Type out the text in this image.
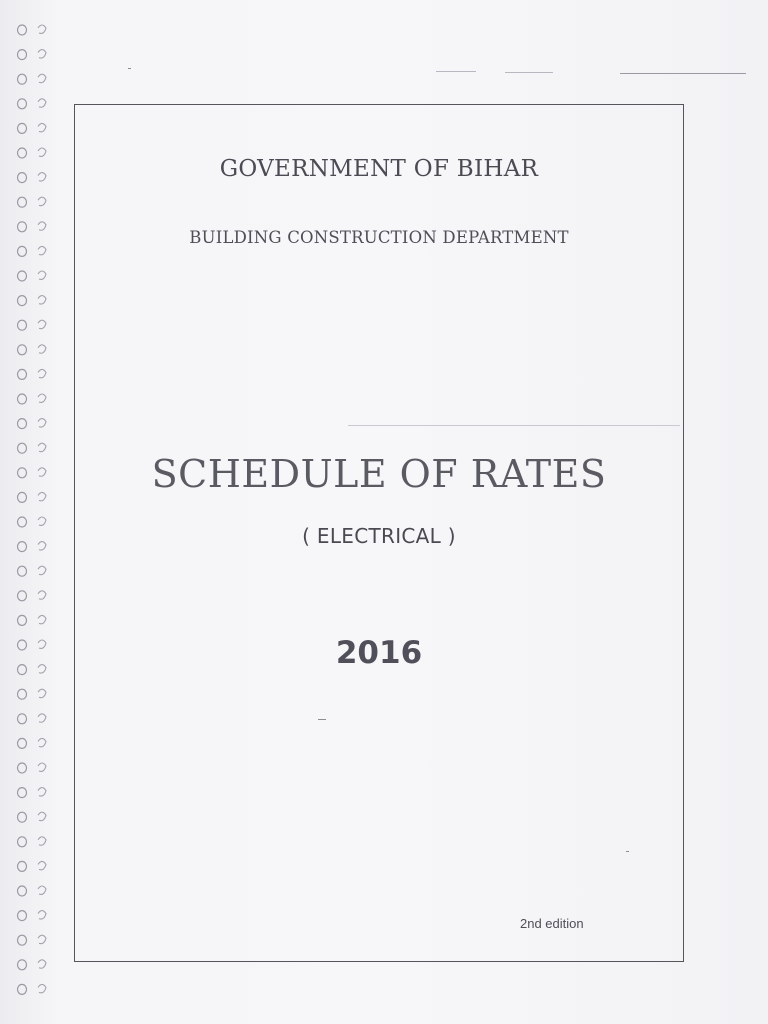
GOVERNMENT OF BIHAR
BUILDING CONSTRUCTION DEPARTMENT
SCHEDULE OF RATES
( ELECTRICAL )
2016
2nd edition
